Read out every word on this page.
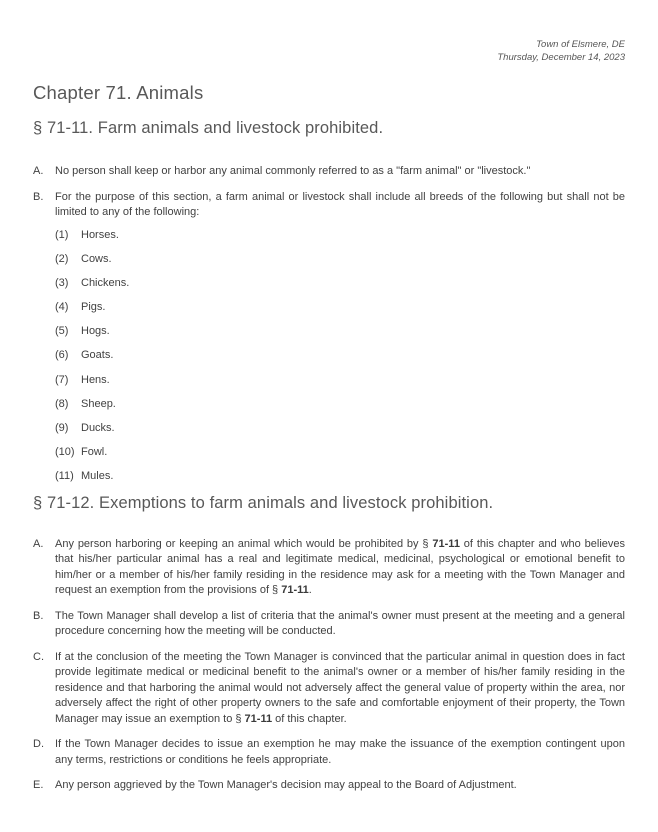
Town of Elsmere, DE
Thursday, December 14, 2023
Chapter 71. Animals
§ 71-11. Farm animals and livestock prohibited.
A.	No person shall keep or harbor any animal commonly referred to as a "farm animal" or "livestock."
B.	For the purpose of this section, a farm animal or livestock shall include all breeds of the following but shall not be limited to any of the following:
(1)	Horses.
(2)	Cows.
(3)	Chickens.
(4)	Pigs.
(5)	Hogs.
(6)	Goats.
(7)	Hens.
(8)	Sheep.
(9)	Ducks.
(10) Fowl.
(11) Mules.
§ 71-12. Exemptions to farm animals and livestock prohibition.
A.	Any person harboring or keeping an animal which would be prohibited by § 71-11 of this chapter and who believes that his/her particular animal has a real and legitimate medical, medicinal, psychological or emotional benefit to him/her or a member of his/her family residing in the residence may ask for a meeting with the Town Manager and request an exemption from the provisions of § 71-11.
B.	The Town Manager shall develop a list of criteria that the animal's owner must present at the meeting and a general procedure concerning how the meeting will be conducted.
C.	If at the conclusion of the meeting the Town Manager is convinced that the particular animal in question does in fact provide legitimate medical or medicinal benefit to the animal's owner or a member of his/her family residing in the residence and that harboring the animal would not adversely affect the general value of property within the area, nor adversely affect the right of other property owners to the safe and comfortable enjoyment of their property, the Town Manager may issue an exemption to § 71-11 of this chapter.
D.	If the Town Manager decides to issue an exemption he may make the issuance of the exemption contingent upon any terms, restrictions or conditions he feels appropriate.
E.	Any person aggrieved by the Town Manager's decision may appeal to the Board of Adjustment.
